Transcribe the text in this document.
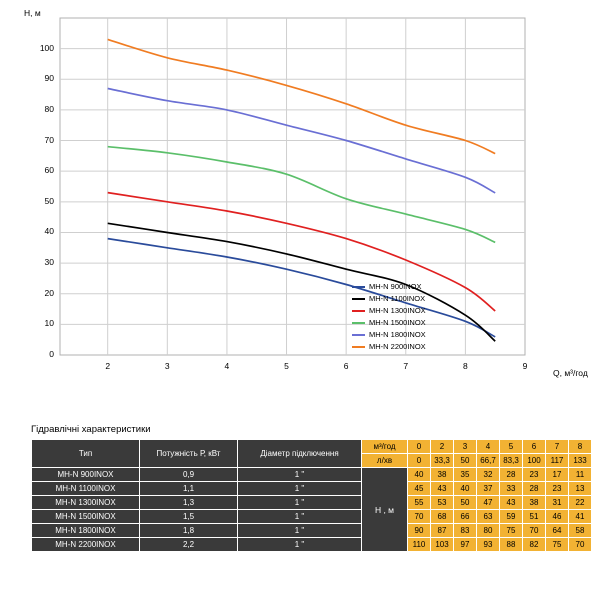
H, м
Q, м³/год
0
10
20
30
40
50
60
70
80
90
100
2	3	4	5	6	7	8	9
MH-N 900INOX
MH-N 1100INOX
MH-N 1300INOX
MH-N 1500INOX
MH-N 1800INOX
MH-N 2200INOX
Гідравлічні характеристики
Тип	Потужність Р, кВт	Діаметр підключення	м³/год	0	2	3	4	5	6	7	8
			л/хв	0	33,3	50	66,7	83,3	100	117	133
MH-N 900INOX	0,9	1 "	H , м	40	38	35	32	28	23	17	11
MH-N 1100INOX	1,1	1 "		45	43	40	37	33	28	23	13
MH-N 1300INOX	1,3	1 "		55	53	50	47	43	38	31	22
MH-N 1500INOX	1,5	1 "		70	68	66	63	59	51	46	41
MH-N 1800INOX	1,8	1 "		90	87	83	80	75	70	64	58
MH-N 2200INOX	2,2	1 "		110	103	97	93	88	82	75	70
